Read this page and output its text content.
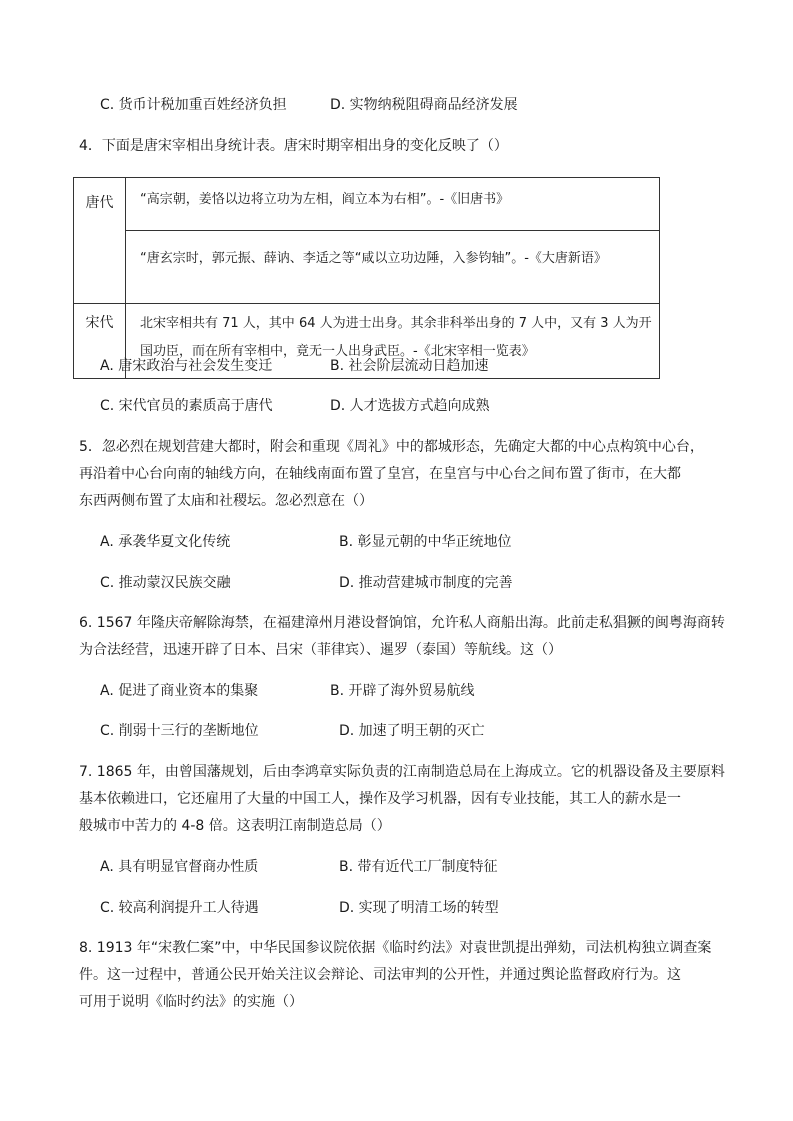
C. 货币计税加重百姓经济负担	D. 实物纳税阻碍商品经济发展
4．下面是唐宋宰相出身统计表。唐宋时期宰相出身的变化反映了（）
唐代	“高宗朝，姜恪以边将立功为左相，阎立本为右相”。-《旧唐书》
	“唐玄宗时，郭元振、薛讷、李适之等“咸以立功边陲，入参钧轴”。-《大唐新语》
宋代	北宋宰相共有 71 人，其中 64 人为进士出身。其余非科举出身的 7 人中，又有 3 人为开国功臣，而在所有宰相中，竟无一人出身武臣。-《北宋宰相一览表》
A. 唐宋政治与社会发生变迁	B. 社会阶层流动日趋加速
C. 宋代官员的素质高于唐代	D. 人才选拔方式趋向成熟
5．忽必烈在规划营建大都时，附会和重现《周礼》中的都城形态，先确定大都的中心点构筑中心台，
再沿着中心台向南的轴线方向，在轴线南面布置了皇宫，在皇宫与中心台之间布置了街市，在大都
东西两侧布置了太庙和社稷坛。忽必烈意在（）
A. 承袭华夏文化传统	B. 彰显元朝的中华正统地位
C. 推动蒙汉民族交融	D. 推动营建城市制度的完善
6. 1567 年隆庆帝解除海禁，在福建漳州月港设督饷馆，允许私人商船出海。此前走私猖獗的闽粤海商转
为合法经营，迅速开辟了日本、吕宋（菲律宾）、暹罗（泰国）等航线。这（）
A. 促进了商业资本的集聚	B. 开辟了海外贸易航线
C. 削弱十三行的垄断地位	D. 加速了明王朝的灭亡
7. 1865 年，由曾国藩规划，后由李鸿章实际负责的江南制造总局在上海成立。它的机器设备及主要原料
基本依赖进口，它还雇用了大量的中国工人，操作及学习机器，因有专业技能，其工人的薪水是一
般城市中苦力的 4-8 倍。这表明江南制造总局（）
A. 具有明显官督商办性质	B. 带有近代工厂制度特征
C. 较高利润提升工人待遇	D. 实现了明清工场的转型
8. 1913 年“宋教仁案”中，中华民国参议院依据《临时约法》对袁世凯提出弹劾，司法机构独立调查案
件。这一过程中，普通公民开始关注议会辩论、司法审判的公开性，并通过舆论监督政府行为。这
可用于说明《临时约法》的实施（）
